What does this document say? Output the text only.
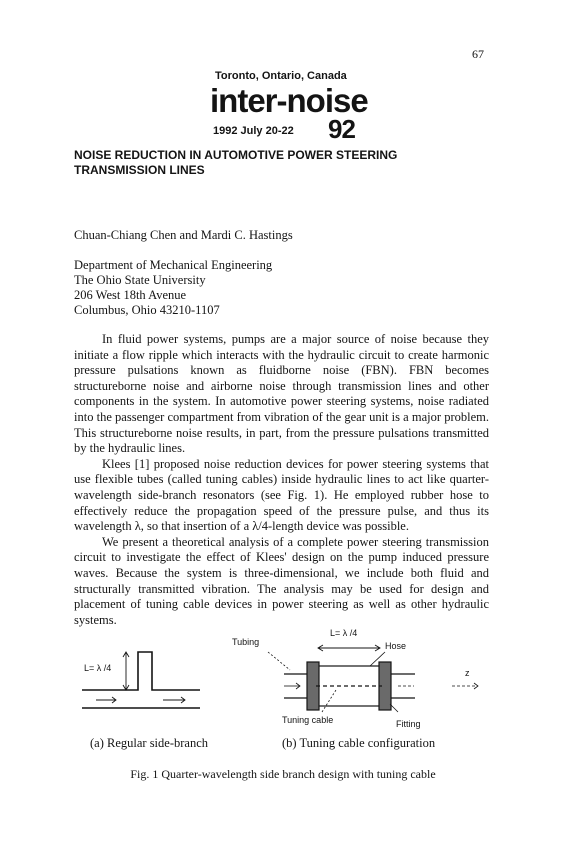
67
Toronto, Ontario, Canada
inter-noise
1992 July 20-22 92
NOISE REDUCTION IN AUTOMOTIVE POWER STEERING
TRANSMISSION LINES
Chuan-Chiang Chen and Mardi C. Hastings
Department of Mechanical Engineering
The Ohio State University
206 West 18th Avenue
Columbus, Ohio 43210-1107

In fluid power systems, pumps are a major source of noise because they initiate a flow ripple which interacts with the hydraulic circuit to create harmonic pressure pulsations known as fluidborne noise (FBN). FBN becomes structureborne noise and airborne noise through transmission lines and other components in the system. In automotive power steering systems, noise radiated into the passenger compartment from vibration of the gear unit is a major problem. This structureborne noise results, in part, from the pressure pulsations transmitted by the hydraulic lines.

Klees [1] proposed noise reduction devices for power steering systems that use flexible tubes (called tuning cables) inside hydraulic lines to act like quarter-wavelength side-branch resonators (see Fig. 1). He employed rubber hose to effectively reduce the propagation speed of the pressure pulse, and thus its wavelength λ, so that insertion of a λ/4-length device was possible.

We present a theoretical analysis of a complete power steering transmission circuit to investigate the effect of Klees' design on the pump induced pressure waves. Because the system is three-dimensional, we include both fluid and structurally transmitted vibration. The analysis may be used for design and placement of tuning cable devices in power steering as well as other hydraulic systems.

L= λ /4
L= λ /4
Tubing	Hose
z
Tuning cable	Fitting
(a) Regular side-branch	(b) Tuning cable configuration
Fig. 1 Quarter-wavelength side branch design with tuning cable
